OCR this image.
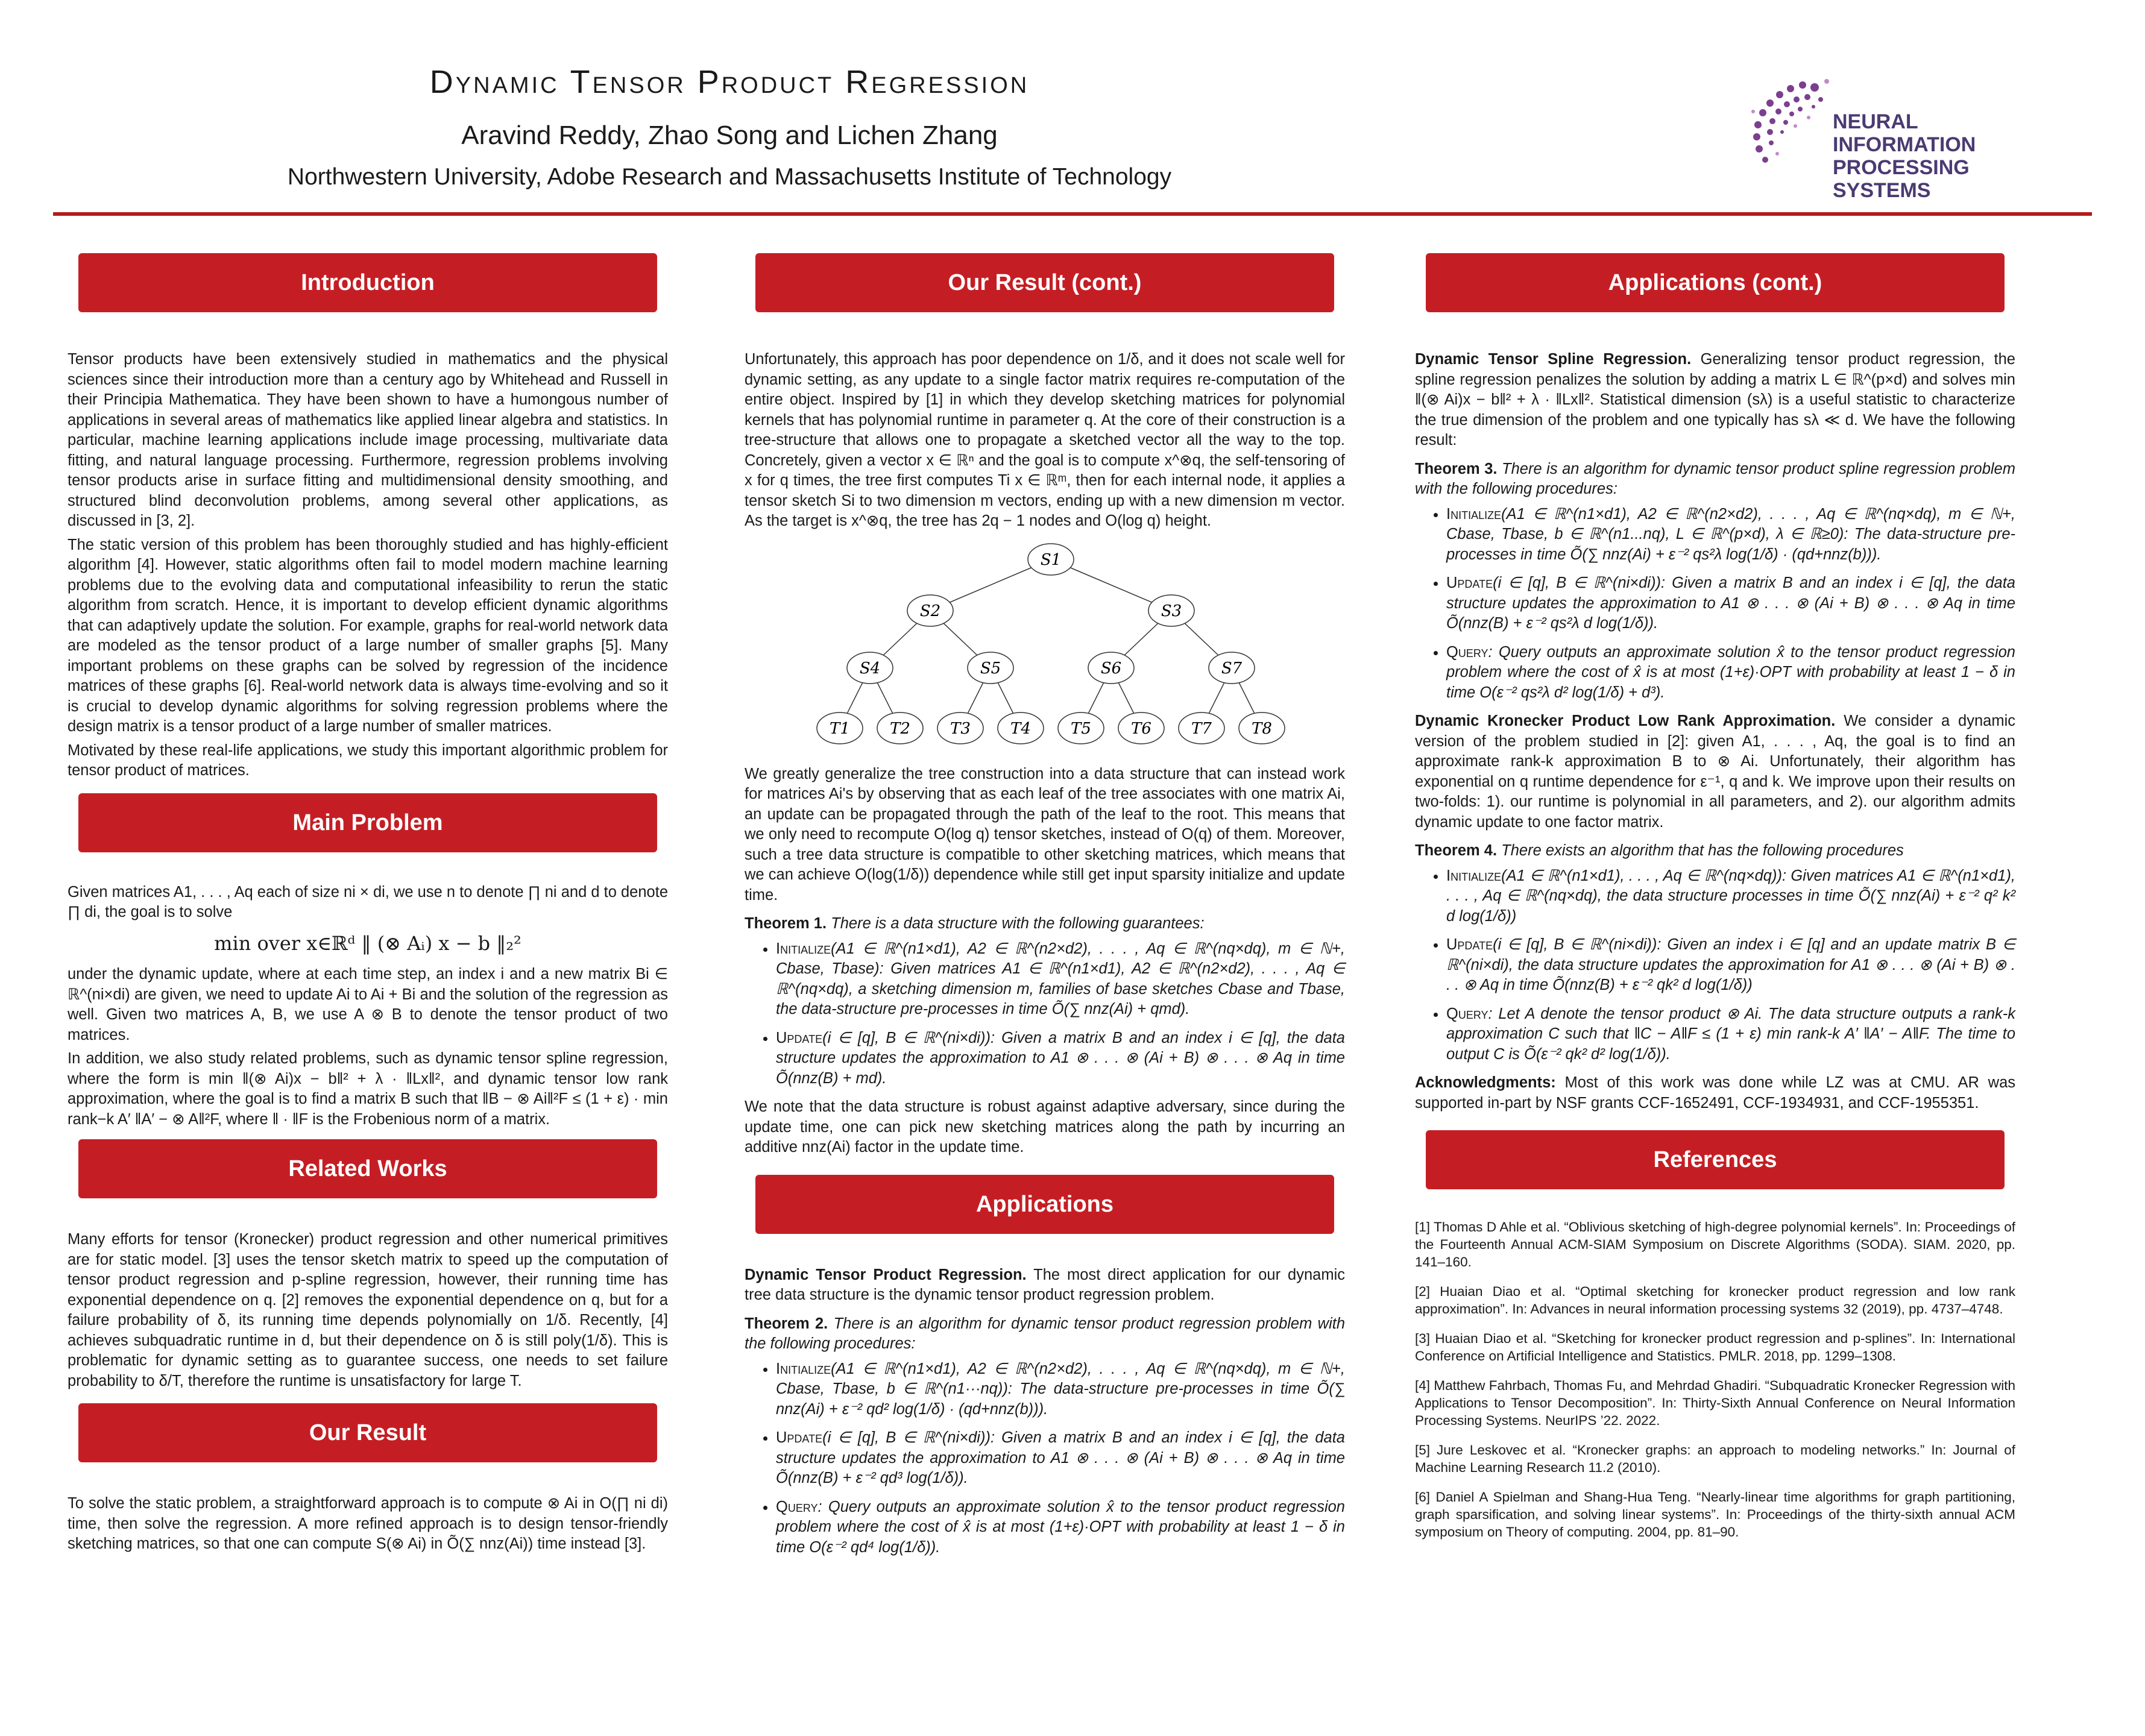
Dynamic Tensor Product Regression
Aravind Reddy, Zhao Song and Lichen Zhang
Northwestern University, Adobe Research and Massachusetts Institute of Technology
NEURAL INFORMATION
PROCESSING SYSTEMS
Introduction

Tensor products have been extensively studied in mathematics and the physical sciences since their introduction more than a century ago by Whitehead and Russell in their Principia Mathematica. They have been shown to have a humongous number of applications in several areas of mathematics like applied linear algebra and statistics. In particular, machine learning applications include image processing, multivariate data fitting, and natural language processing. Furthermore, regression problems involving tensor products arise in surface fitting and multidimensional density smoothing, and structured blind deconvolution problems, among several other applications, as discussed in [3, 2].

The static version of this problem has been thoroughly studied and has highly-efficient algorithm [4]. However, static algorithms often fail to model modern machine learning problems due to the evolving data and computational infeasibility to rerun the static algorithm from scratch. Hence, it is important to develop efficient dynamic algorithms that can adaptively update the solution. For example, graphs for real-world network data are modeled as the tensor product of a large number of smaller graphs [5]. Many important problems on these graphs can be solved by regression of the incidence matrices of these graphs [6]. Real-world network data is always time-evolving and so it is crucial to develop dynamic algorithms for solving regression problems where the design matrix is a tensor product of a large number of smaller matrices.

Motivated by these real-life applications, we study this important algorithmic problem for tensor product of matrices.

Main Problem

Given matrices A1, . . . , Aq each of size ni × di, we use n to denote ∏ ni and d to denote ∏ di, the goal is to solve

min over x∈ℝᵈ ‖ (⊗ Aᵢ) x − b ‖₂²

under the dynamic update, where at each time step, an index i and a new matrix Bi ∈ ℝ^(ni×di) are given, we need to update Ai to Ai + Bi and the solution of the regression as well. Given two matrices A, B, we use A ⊗ B to denote the tensor product of two matrices.

In addition, we also study related problems, such as dynamic tensor spline regression, where the form is min ‖(⊗ Ai)x − b‖² + λ · ‖Lx‖², and dynamic tensor low rank approximation, where the goal is to find a matrix B such that ‖B − ⊗ Ai‖²F ≤ (1 + ε) · min rank−k A′ ‖A′ − ⊗ A‖²F, where ‖ · ‖F is the Frobenious norm of a matrix.

Related Works

Many efforts for tensor (Kronecker) product regression and other numerical primitives are for static model. [3] uses the tensor sketch matrix to speed up the computation of tensor product regression and p-spline regression, however, their running time has exponential dependence on q. [2] removes the exponential dependence on q, but for a failure probability of δ, its running time depends polynomially on 1/δ. Recently, [4] achieves subquadratic runtime in d, but their dependence on δ is still poly(1/δ). This is problematic for dynamic setting as to guarantee success, one needs to set failure probability to δ/T, therefore the runtime is unsatisfactory for large T.

Our Result

To solve the static problem, a straightforward approach is to compute ⊗ Ai in O(∏ ni di) time, then solve the regression. A more refined approach is to design tensor-friendly sketching matrices, so that one can compute S(⊗ Ai) in Õ(∑ nnz(Ai)) time instead [3].

Our Result (cont.)

Unfortunately, this approach has poor dependence on 1/δ, and it does not scale well for dynamic setting, as any update to a single factor matrix requires re-computation of the entire object. Inspired by [1] in which they develop sketching matrices for polynomial kernels that has polynomial runtime in parameter q. At the core of their construction is a tree-structure that allows one to propagate a sketched vector all the way to the top. Concretely, given a vector x ∈ ℝⁿ and the goal is to compute x^⊗q, the self-tensoring of x for q times, the tree first computes Ti x ∈ ℝᵐ, then for each internal node, it applies a tensor sketch Si to two dimension m vectors, ending up with a new dimension m vector. As the target is x^⊗q, the tree has 2q − 1 nodes and O(log q) height.

S1
S2	S3
S4	S5	S6	S7
T1	T2	T3	T4	T5	T6	T7	T8

We greatly generalize the tree construction into a data structure that can instead work for matrices Ai's by observing that as each leaf of the tree associates with one matrix Ai, an update can be propagated through the path of the leaf to the root. This means that we only need to recompute O(log q) tensor sketches, instead of O(q) of them. Moreover, such a tree data structure is compatible to other sketching matrices, which means that we can achieve O(log(1/δ)) dependence while still get input sparsity initialize and update time.

Theorem 1. There is a data structure with the following guarantees:

• Initialize(A1 ∈ ℝ^(n1×d1), A2 ∈ ℝ^(n2×d2), . . . , Aq ∈ ℝ^(nq×dq), m ∈ ℕ+, Cbase, Tbase): Given matrices A1 ∈ ℝ^(n1×d1), A2 ∈ ℝ^(n2×d2), . . . , Aq ∈ ℝ^(nq×dq), a sketching dimension m, families of base sketches Cbase and Tbase, the data-structure pre-processes in time Õ(∑ nnz(Ai) + qmd).
• Update(i ∈ [q], B ∈ ℝ^(ni×di)): Given a matrix B and an index i ∈ [q], the data structure updates the approximation to A1 ⊗ . . . ⊗ (Ai + B) ⊗ . . . ⊗ Aq in time Õ(nnz(B) + md).

We note that the data structure is robust against adaptive adversary, since during the update time, one can pick new sketching matrices along the path by incurring an additive nnz(Ai) factor in the update time.

Applications

Dynamic Tensor Product Regression. The most direct application for our dynamic tree data structure is the dynamic tensor product regression problem.

Theorem 2. There is an algorithm for dynamic tensor product regression problem with the following procedures:

• Initialize(A1 ∈ ℝ^(n1×d1), A2 ∈ ℝ^(n2×d2), . . . , Aq ∈ ℝ^(nq×dq), m ∈ ℕ+, Cbase, Tbase, b ∈ ℝ^(n1···nq)): The data-structure pre-processes in time Õ(∑ nnz(Ai) + ε⁻² qd² log(1/δ) · (qd+nnz(b))).
• Update(i ∈ [q], B ∈ ℝ^(ni×di)): Given a matrix B and an index i ∈ [q], the data structure updates the approximation to A1 ⊗ . . . ⊗ (Ai + B) ⊗ . . . ⊗ Aq in time Õ(nnz(B) + ε⁻² qd³ log(1/δ)).
• Query: Query outputs an approximate solution x̂ to the tensor product regression problem where the cost of x̂ is at most (1+ε)·OPT with probability at least 1 − δ in time O(ε⁻² qd⁴ log(1/δ)).
Applications (cont.)

Dynamic Tensor Spline Regression. Generalizing tensor product regression, the spline regression penalizes the solution by adding a matrix L ∈ ℝ^(p×d) and solves min ‖(⊗ Ai)x − b‖² + λ · ‖Lx‖². Statistical dimension (sλ) is a useful statistic to characterize the true dimension of the problem and one typically has sλ ≪ d. We have the following result:

Theorem 3. There is an algorithm for dynamic tensor product spline regression problem with the following procedures:

• Initialize(A1 ∈ ℝ^(n1×d1), A2 ∈ ℝ^(n2×d2), . . . , Aq ∈ ℝ^(nq×dq), m ∈ ℕ+, Cbase, Tbase, b ∈ ℝ^(n1...nq), L ∈ ℝ^(p×d), λ ∈ ℝ≥0): The data-structure pre-processes in time Õ(∑ nnz(Ai) + ε⁻² qs²λ log(1/δ) · (qd+nnz(b))).
• Update(i ∈ [q], B ∈ ℝ^(ni×di)): Given a matrix B and an index i ∈ [q], the data structure updates the approximation to A1 ⊗ . . . ⊗ (Ai + B) ⊗ . . . ⊗ Aq in time Õ(nnz(B) + ε⁻² qs²λ d log(1/δ)).
• Query: Query outputs an approximate solution x̂ to the tensor product regression problem where the cost of x̂ is at most (1+ε)·OPT with probability at least 1 − δ in time O(ε⁻² qs²λ d² log(1/δ) + d³).

Dynamic Kronecker Product Low Rank Approximation. We consider a dynamic version of the problem studied in [2]: given A1, . . . , Aq, the goal is to find an approximate rank-k approximation B to ⊗ Ai. Unfortunately, their algorithm has exponential on q runtime dependence for ε⁻¹, q and k. We improve upon their results on two-folds: 1). our runtime is polynomial in all parameters, and 2). our algorithm admits dynamic update to one factor matrix.

Theorem 4. There exists an algorithm that has the following procedures

• Initialize(A1 ∈ ℝ^(n1×d1), . . . , Aq ∈ ℝ^(nq×dq)): Given matrices A1 ∈ ℝ^(n1×d1), . . . , Aq ∈ ℝ^(nq×dq), the data structure processes in time Õ(∑ nnz(Ai) + ε⁻² q² k² d log(1/δ))
• Update(i ∈ [q], B ∈ ℝ^(ni×di)): Given an index i ∈ [q] and an update matrix B ∈ ℝ^(ni×di), the data structure updates the approximation for A1 ⊗ . . . ⊗ (Ai + B) ⊗ . . . ⊗ Aq in time Õ(nnz(B) + ε⁻² qk² d log(1/δ))
• Query: Let A denote the tensor product ⊗ Ai. The data structure outputs a rank-k approximation C such that ‖C − A‖F ≤ (1 + ε) min rank-k A′ ‖A′ − A‖F. The time to output C is Õ(ε⁻² qk² d² log(1/δ)).

Acknowledgments: Most of this work was done while LZ was at CMU. AR was supported in-part by NSF grants CCF-1652491, CCF-1934931, and CCF-1955351.

References
[1] Thomas D Ahle et al. “Oblivious sketching of high-degree polynomial kernels”. In: Proceedings of the Fourteenth Annual ACM-SIAM Symposium on Discrete Algorithms (SODA). SIAM. 2020, pp. 141–160.
[2] Huaian Diao et al. “Optimal sketching for kronecker product regression and low rank approximation”. In: Advances in neural information processing systems 32 (2019), pp. 4737–4748.
[3] Huaian Diao et al. “Sketching for kronecker product regression and p-splines”. In: International Conference on Artificial Intelligence and Statistics. PMLR. 2018, pp. 1299–1308.
[4] Matthew Fahrbach, Thomas Fu, and Mehrdad Ghadiri. “Subquadratic Kronecker Regression with Applications to Tensor Decomposition”. In: Thirty-Sixth Annual Conference on Neural Information Processing Systems. NeurIPS ’22. 2022.
[5] Jure Leskovec et al. “Kronecker graphs: an approach to modeling networks.” In: Journal of Machine Learning Research 11.2 (2010).
[6] Daniel A Spielman and Shang-Hua Teng. “Nearly-linear time algorithms for graph partitioning, graph sparsification, and solving linear systems”. In: Proceedings of the thirty-sixth annual ACM symposium on Theory of computing. 2004, pp. 81–90.
